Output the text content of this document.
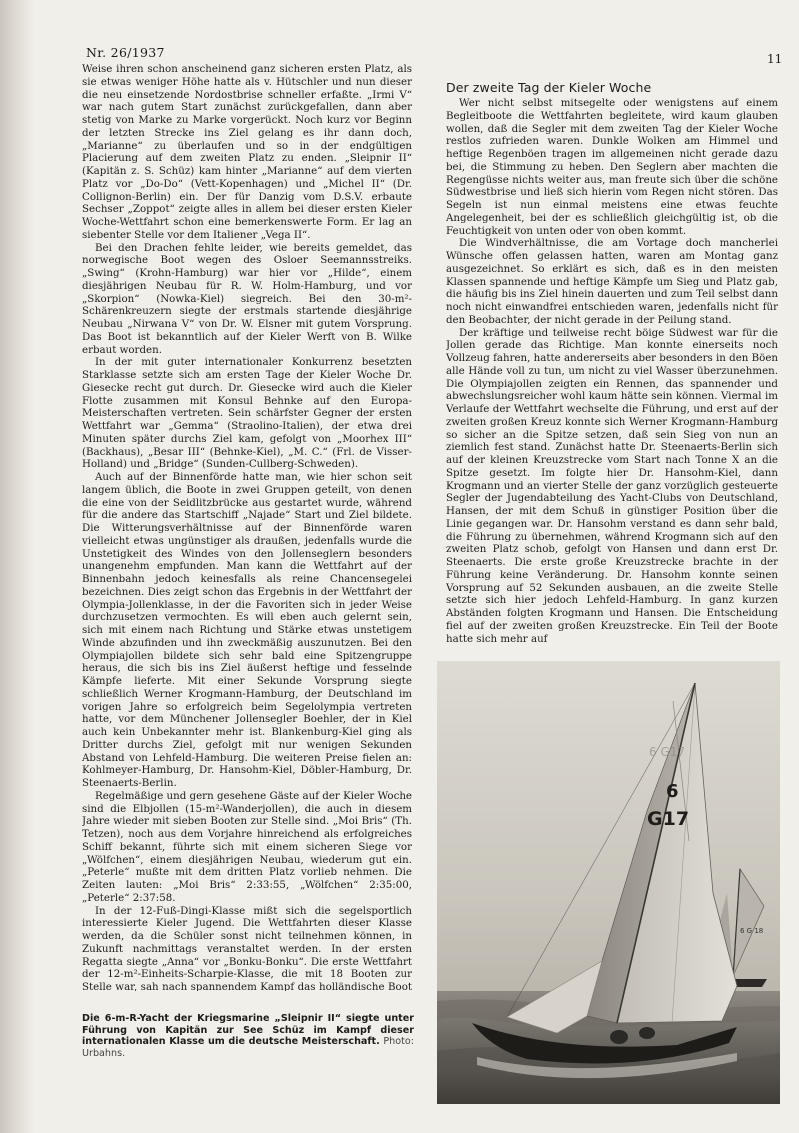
Nr. 26/1937	11

Weise ihren schon anscheinend ganz sicheren ersten Platz, als sie etwas weniger Höhe hatte als v. Hütschler und nun dieser die neu einsetzende Nordostbrise schneller erfaßte. „Irmi V“ war nach gutem Start zunächst zurückgefallen, dann aber stetig von Marke zu Marke vorgerückt. Noch kurz vor Beginn der letzten Strecke ins Ziel gelang es ihr dann doch, „Marianne“ zu überlaufen und so in der endgültigen Placierung auf dem zweiten Platz zu enden. „Sleipnir II“ (Kapitän z. S. Schüz) kam hinter „Marianne“ auf dem vierten Platz vor „Do-Do“ (Vett-Kopenhagen) und „Michel II“ (Dr. Collignon-Berlin) ein. Der für Danzig vom D.S.V. erbaute Sechser „Zoppot“ zeigte alles in allem bei dieser ersten Kieler Woche-Wettfahrt schon eine bemerkenswerte Form. Er lag an siebenter Stelle vor dem Italiener „Vega II“.

Bei den Drachen fehlte leider, wie bereits gemeldet, das norwegische Boot wegen des Osloer Seemannsstreiks. „Swing“ (Krohn-Hamburg) war hier vor „Hilde“, einem diesjährigen Neubau für R. W. Holm-Hamburg, und vor „Skorpion“ (Nowka-Kiel) siegreich. Bei den 30-m²-Schärenkreuzern siegte der erstmals startende diesjährige Neubau „Nirwana V“ von Dr. W. Elsner mit gutem Vorsprung. Das Boot ist bekanntlich auf der Kieler Werft von B. Wilke erbaut worden.

In der mit guter internationaler Konkurrenz besetzten Starklasse setzte sich am ersten Tage der Kieler Woche Dr. Giesecke recht gut durch. Dr. Giesecke wird auch die Kieler Flotte zusammen mit Konsul Behnke auf den Europa-Meisterschaften vertreten. Sein schärfster Gegner der ersten Wettfahrt war „Gemma“ (Straolino-Italien), der etwa drei Minuten später durchs Ziel kam, gefolgt von „Moorhex III“ (Backhaus), „Besar III“ (Behnke-Kiel), „M. C.“ (Frl. de Visser-Holland) und „Bridge“ (Sunden-Cullberg-Schweden).

Auch auf der Binnenförde hatte man, wie hier schon seit langem üblich, die Boote in zwei Gruppen geteilt, von denen die eine von der Seidlitzbrücke aus gestartet wurde, während für die andere das Startschiff „Najade“ Start und Ziel bildete. Die Witterungsverhältnisse auf der Binnenförde waren vielleicht etwas ungünstiger als draußen, jedenfalls wurde die Unstetigkeit des Windes von den Jollenseglern besonders unangenehm empfunden. Man kann die Wettfahrt auf der Binnenbahn jedoch keinesfalls als reine Chancensegelei bezeichnen. Dies zeigt schon das Ergebnis in der Wettfahrt der Olympia-Jollenklasse, in der die Favoriten sich in jeder Weise durchzusetzen vermochten. Es will eben auch gelernt sein, sich mit einem nach Richtung und Stärke etwas unstetigem Winde abzufinden und ihn zweckmäßig auszunutzen. Bei den Olympiajollen bildete sich sehr bald eine Spitzengruppe heraus, die sich bis ins Ziel äußerst heftige und fesselnde Kämpfe lieferte. Mit einer Sekunde Vorsprung siegte schließlich Werner Krogmann-Hamburg, der Deutschland im vorigen Jahre so erfolgreich beim Segelolympia vertreten hatte, vor dem Münchener Jollensegler Boehler, der in Kiel auch kein Unbekannter mehr ist. Blankenburg-Kiel ging als Dritter durchs Ziel, gefolgt mit nur wenigen Sekunden Abstand von Lehfeld-Hamburg. Die weiteren Preise fielen an: Kohlmeyer-Hamburg, Dr. Hansohm-Kiel, Döbler-Hamburg, Dr. Steenaerts-Berlin.

Regelmäßige und gern gesehene Gäste auf der Kieler Woche sind die Elbjollen (15-m²-Wanderjollen), die auch in diesem Jahre wieder mit sieben Booten zur Stelle sind. „Moi Bris“ (Th. Tetzen), noch aus dem Vorjahre hinreichend als erfolgreiches Schiff bekannt, führte sich mit einem sicheren Siege vor „Wölfchen“, einem diesjährigen Neubau, wiederum gut ein. „Peterle“ mußte mit dem dritten Platz vorlieb nehmen. Die Zeiten lauten: „Moi Bris“ 2:33:55, „Wölfchen“ 2:35:00, „Peterle“ 2:37:58.

In der 12-Fuß-Dingi-Klasse mißt sich die segelsportlich interessierte Kieler Jugend. Die Wettfahrten dieser Klasse werden, da die Schüler sonst nicht teilnehmen können, in Zukunft nachmittags veranstaltet werden. In der ersten Regatta siegte „Anna“ vor „Bonku-Bonku“. Die erste Wettfahrt der 12-m²-Einheits-Scharpie-Klasse, die mit 18 Booten zur Stelle war, sah nach spannendem Kampf das holländische Boot

Die 6-m-R-Yacht der Kriegsmarine „Sleipnir II“ siegte unter Führung von Kapitän zur See Schüz im Kampf dieser internationalen Klasse um die deutsche Meisterschaft. Photo: Urbahns.
Der zweite Tag der Kieler Woche

Wer nicht selbst mitsegelte oder wenigstens auf einem Begleitboote die Wettfahrten begleitete, wird kaum glauben wollen, daß die Segler mit dem zweiten Tag der Kieler Woche restlos zufrieden waren. Dunkle Wolken am Himmel und heftige Regenböen tragen im allgemeinen nicht gerade dazu bei, die Stimmung zu heben. Den Seglern aber machten die Regengüsse nichts weiter aus, man freute sich über die schöne Südwestbrise und ließ sich hierin vom Regen nicht stören. Das Segeln ist nun einmal meistens eine etwas feuchte Angelegenheit, bei der es schließlich gleichgültig ist, ob die Feuchtigkeit von unten oder von oben kommt.

Die Windverhältnisse, die am Vortage doch mancherlei Wünsche offen gelassen hatten, waren am Montag ganz ausgezeichnet. So erklärt es sich, daß es in den meisten Klassen spannende und heftige Kämpfe um Sieg und Platz gab, die häufig bis ins Ziel hinein dauerten und zum Teil selbst dann noch nicht einwandfrei entschieden waren, jedenfalls nicht für den Beobachter, der nicht gerade in der Peilung stand.

Der kräftige und teilweise recht böige Südwest war für die Jollen gerade das Richtige. Man konnte einerseits noch Vollzeug fahren, hatte andererseits aber besonders in den Böen alle Hände voll zu tun, um nicht zu viel Wasser überzunehmen. Die Olympiajollen zeigten ein Rennen, das spannender und abwechslungsreicher wohl kaum hätte sein können. Viermal im Verlaufe der Wettfahrt wechselte die Führung, und erst auf der zweiten großen Kreuz konnte sich Werner Krogmann-Hamburg so sicher an die Spitze setzen, daß sein Sieg von nun an ziemlich fest stand. Zunächst hatte Dr. Steenaerts-Berlin sich auf der kleinen Kreuzstrecke vom Start nach Tonne X an die Spitze gesetzt. Im folgte hier Dr. Hansohm-Kiel, dann Krogmann und an vierter Stelle der ganz vorzüglich gesteuerte Segler der Jugendabteilung des Yacht-Clubs von Deutschland, Hansen, der mit dem Schuß in günstiger Position über die Linie gegangen war. Dr. Hansohm verstand es dann sehr bald, die Führung zu übernehmen, während Krogmann sich auf den zweiten Platz schob, gefolgt von Hansen und dann erst Dr. Steenaerts. Die erste große Kreuzstrecke brachte in der Führung keine Veränderung. Dr. Hansohm konnte seinen Vorsprung auf 52 Sekunden ausbauen, an die zweite Stelle setzte sich hier jedoch Lehfeld-Hamburg. In ganz kurzen Abständen folgten Krogmann und Hansen. Die Entscheidung fiel auf der zweiten großen Kreuzstrecke. Ein Teil der Boote hatte sich mehr auf

6 G 18
6 G17
6
G17
